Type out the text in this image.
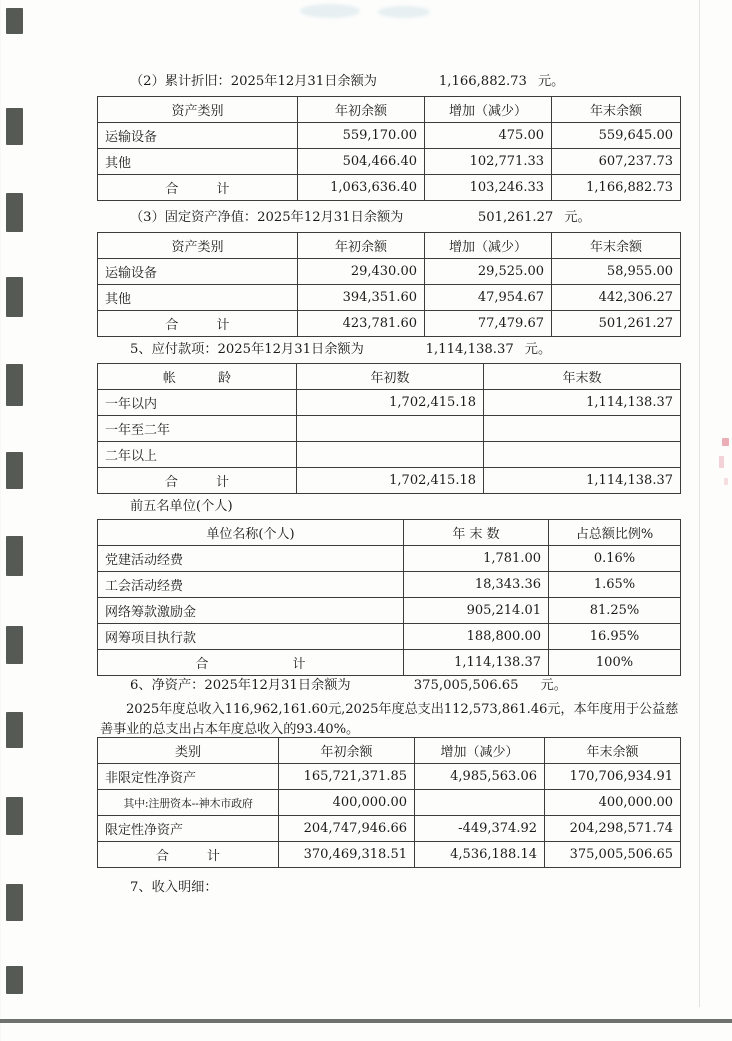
（2）累计折旧：2025年12月31日余额为	1,166,882.73 元。

资产类别	年初余额	增加（减少）	年末余额
运输设备	559,170.00	475.00	559,645.00
其他	504,466.40	102,771.33	607,237.73
合 计	1,063,636.40	103,246.33	1,166,882.73

（3）固定资产净值：2025年12月31日余额为	501,261.27 元。

资产类别	年初余额	增加（减少）	年末余额
运输设备	29,430.00	29,525.00	58,955.00
其他	394,351.60	47,954.67	442,306.27
合 计	423,781.60	77,479.67	501,261.27

5、应付款项：2025年12月31日余额为	1,114,138.37 元。

帐 龄	年初数	年末数
一年以内	1,702,415.18	1,114,138.37
一年至二年		
二年以上		
合 计	1,702,415.18	1,114,138.37

前五名单位(个人)

单位名称(个人)	年 末 数	占总额比例%
党建活动经费	1,781.00	0.16%
工会活动经费	18,343.36	1.65%
网络筹款激励金	905,214.01	81.25%
网筹项目执行款	188,800.00	16.95%
合 计	1,114,138.37	100%

6、净资产：2025年12月31日余额为	375,005,506.65 元。

2025年度总收入116,962,161.60元,2025年度总支出112,573,861.46元，本年度用于公益慈善事业的总支出占本年度总收入的93.40%。

类别	年初余额	增加（减少）	年末余额
非限定性净资产	165,721,371.85	4,985,563.06	170,706,934.91
其中:注册资本--神木市政府	400,000.00		400,000.00
限定性净资产	204,747,946.66	-449,374.92	204,298,571.74
合 计	370,469,318.51	4,536,188.14	375,005,506.65

7、收入明细：
